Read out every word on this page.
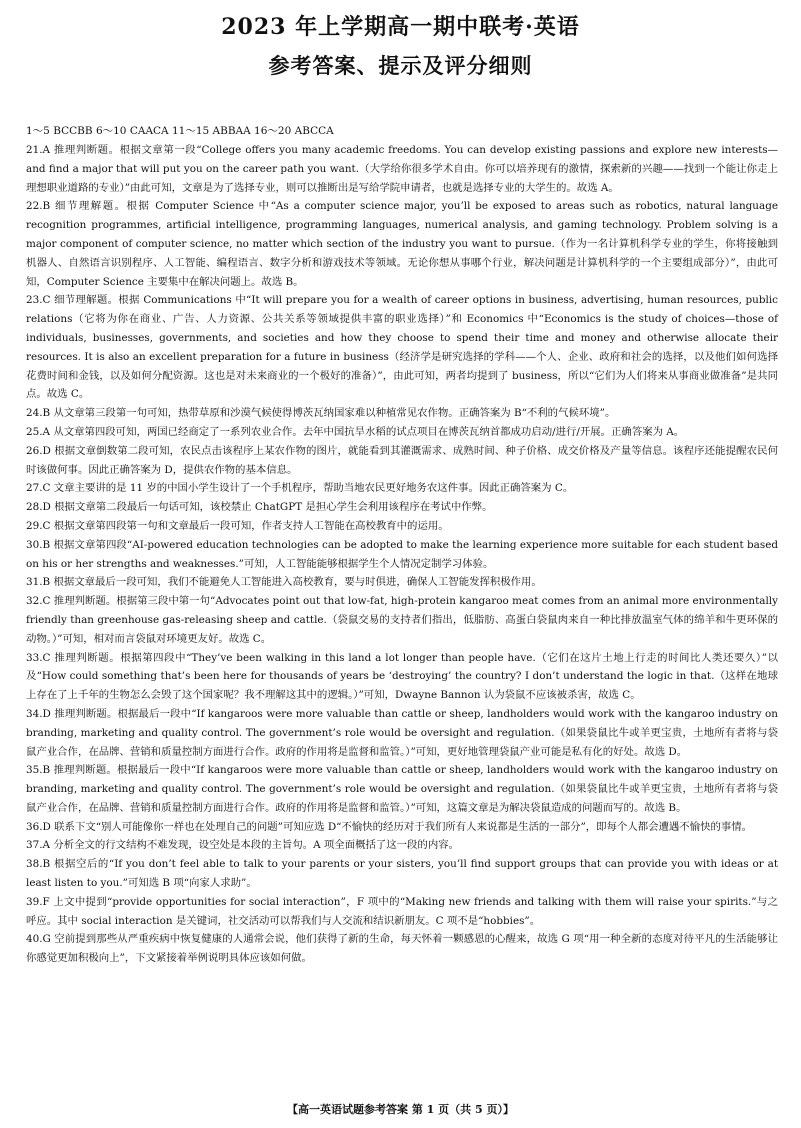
2023 年上学期高一期中联考·英语
参考答案、提示及评分细则
1～5 BCCBB 6～10 CAACA 11～15 ABBAA 16～20 ABCCA
21.A 推理判断题。根据文章第一段“College offers you many academic freedoms. You can develop existing passions and explore new interests—and find a major that will put you on the career path you want.（大学给你很多学术自由。你可以培养现有的激情，探索新的兴趣——找到一个能让你走上理想职业道路的专业）”由此可知，文章是为了选择专业，则可以推断出是写给学院申请者，也就是选择专业的大学生的。故选 A。
22.B 细节理解题。根据 Computer Science 中“As a computer science major, you’ll be exposed to areas such as robotics, natural language recognition programmes, artificial intelligence, programming languages, numerical analysis, and gaming technology. Problem solving is a major component of computer science, no matter which section of the industry you want to pursue.（作为一名计算机科学专业的学生，你将接触到机器人、自然语言识别程序、人工智能、编程语言、数字分析和游戏技术等领域。无论你想从事哪个行业，解决问题是计算机科学的一个主要组成部分）”，由此可知，Computer Science 主要集中在解决问题上。故选 B。
23.C 细节理解题。根据 Communications 中“It will prepare you for a wealth of career options in business, advertising, human resources, public relations（它将为你在商业、广告、人力资源、公共关系等领域提供丰富的职业选择）”和 Economics 中“Economics is the study of choices—those of individuals, businesses, governments, and societies and how they choose to spend their time and money and otherwise allocate their resources. It is also an excellent preparation for a future in business（经济学是研究选择的学科——个人、企业、政府和社会的选择，以及他们如何选择花费时间和金钱，以及如何分配资源。这也是对未来商业的一个极好的准备）”，由此可知，两者均提到了 business，所以“它们为人们将来从事商业做准备”是共同点。故选 C。
24.B 从文章第三段第一句可知，热带草原和沙漠气候使得博茨瓦纳国家难以种植常见农作物。正确答案为 B“不利的气候环境”。
25.A 从文章第四段可知，两国已经商定了一系列农业合作。去年中国抗旱水稻的试点项目在博茨瓦纳首都成功启动/进行/开展。正确答案为 A。
26.D 根据文章倒数第二段可知，农民点击该程序上某农作物的图片，就能看到其灌溉需求、成熟时间、种子价格、成交价格及产量等信息。该程序还能提醒农民何时该做何事。因此正确答案为 D，提供农作物的基本信息。
27.C 文章主要讲的是 11 岁的中国小学生设计了一个手机程序，帮助当地农民更好地务农这件事。因此正确答案为 C。
28.D 根据文章第二段最后一句话可知，该校禁止 ChatGPT 是担心学生会利用该程序在考试中作弊。
29.C 根据文章第四段第一句和文章最后一段可知，作者支持人工智能在高校教育中的运用。
30.B 根据文章第四段“AI-powered education technologies can be adopted to make the learning experience more suitable for each student based on his or her strengths and weaknesses.”可知，人工智能能够根据学生个人情况定制学习体验。
31.B 根据文章最后一段可知，我们不能避免人工智能进入高校教育，要与时俱进，确保人工智能发挥积极作用。
32.C 推理判断题。根据第三段中第一句“Advocates point out that low-fat, high-protein kangaroo meat comes from an animal more environmentally friendly than greenhouse gas-releasing sheep and cattle.（袋鼠交易的支持者们指出，低脂肪、高蛋白袋鼠肉来自一种比排放温室气体的绵羊和牛更环保的动物。）”可知，相对而言袋鼠对环境更友好。故选 C。
33.C 推理判断题。根据第四段中“They’ve been walking in this land a lot longer than people have.（它们在这片土地上行走的时间比人类还要久）”以及“How could something that’s been here for thousands of years be ‘destroying’ the country? I don’t understand the logic in that.（这样在地球上存在了上千年的生物怎么会毁了这个国家呢？我不理解这其中的逻辑。）”可知，Dwayne Bannon 认为袋鼠不应该被杀害，故选 C。
34.D 推理判断题。根据最后一段中“If kangaroos were more valuable than cattle or sheep, landholders would work with the kangaroo industry on branding, marketing and quality control. The government’s role would be oversight and regulation.（如果袋鼠比牛或羊更宝贵，土地所有者将与袋鼠产业合作，在品牌、营销和质量控制方面进行合作。政府的作用将是监督和监管。）”可知，更好地管理袋鼠产业可能是私有化的好处。故选 D。
35.B 推理判断题。根据最后一段中“If kangaroos were more valuable than cattle or sheep, landholders would work with the kangaroo industry on branding, marketing and quality control. The government’s role would be oversight and regulation.（如果袋鼠比牛或羊更宝贵，土地所有者将与袋鼠产业合作，在品牌、营销和质量控制方面进行合作。政府的作用将是监督和监管。）”可知，这篇文章是为解决袋鼠造成的问题而写的。故选 B。
36.D 联系下文“别人可能像你一样也在处理自己的问题”可知应选 D“不愉快的经历对于我们所有人来说都是生活的一部分”，即每个人都会遭遇不愉快的事情。
37.A 分析全文的行文结构不难发现，设空处是本段的主旨句。A 项全面概括了这一段的内容。
38.B 根据空后的“If you don’t feel able to talk to your parents or your sisters, you’ll find support groups that can provide you with ideas or at least listen to you.”可知选 B 项“向家人求助”。
39.F 上文中提到“provide opportunities for social interaction”，F 项中的“Making new friends and talking with them will raise your spirits.”与之呼应。其中 social interaction 是关键词，社交活动可以帮我们与人交流和结识新朋友。C 项不是“hobbies”。
40.G 空前提到那些从严重疾病中恢复健康的人通常会说，他们获得了新的生命，每天怀着一颗感恩的心醒来，故选 G 项“用一种全新的态度对待平凡的生活能够让你感觉更加积极向上”，下文紧接着举例说明具体应该如何做。
【高一英语试题参考答案 第 1 页（共 5 页）】
